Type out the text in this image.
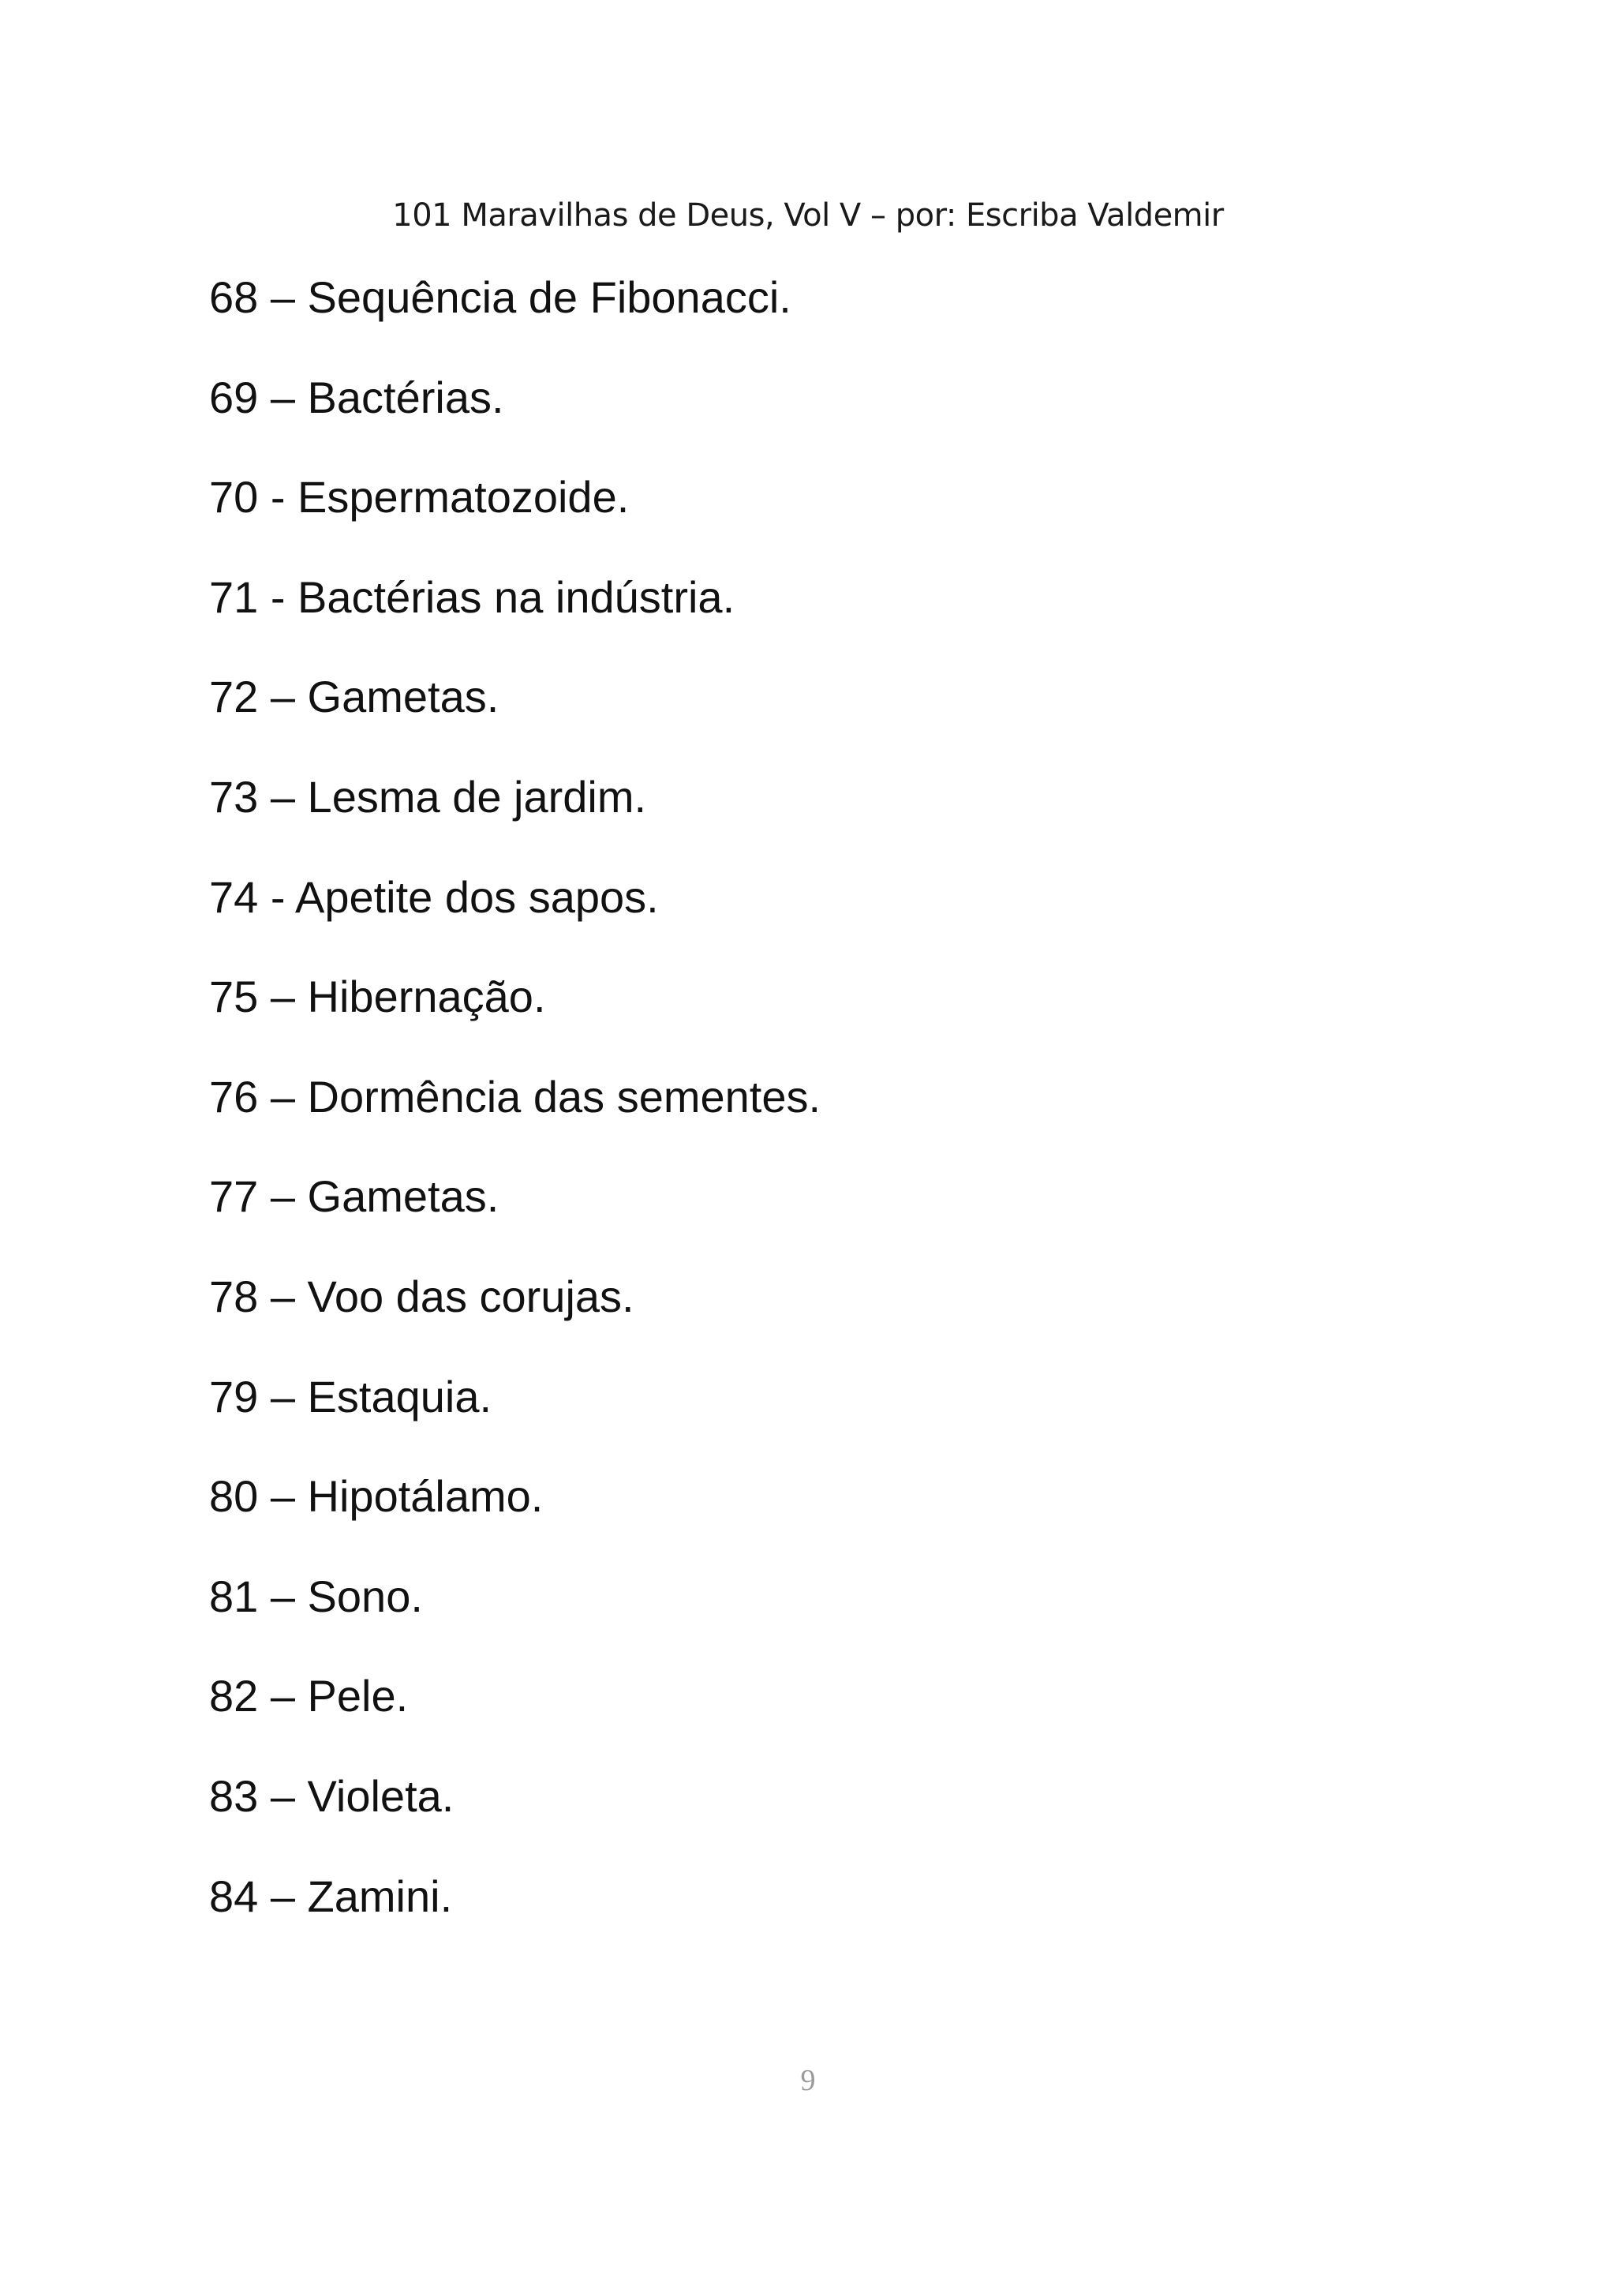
101 Maravilhas de Deus, Vol V – por: Escriba Valdemir
68 – Sequência de Fibonacci.
69 – Bactérias.
70 - Espermatozoide.
71 - Bactérias na indústria.
72 – Gametas.
73 – Lesma de jardim.
74 - Apetite dos sapos.
75 – Hibernação.
76 – Dormência das sementes.
77 – Gametas.
78 – Voo das corujas.
79 – Estaquia.
80 – Hipotálamo.
81 – Sono.
82 – Pele.
83 – Violeta.
84 – Zamini.
9
